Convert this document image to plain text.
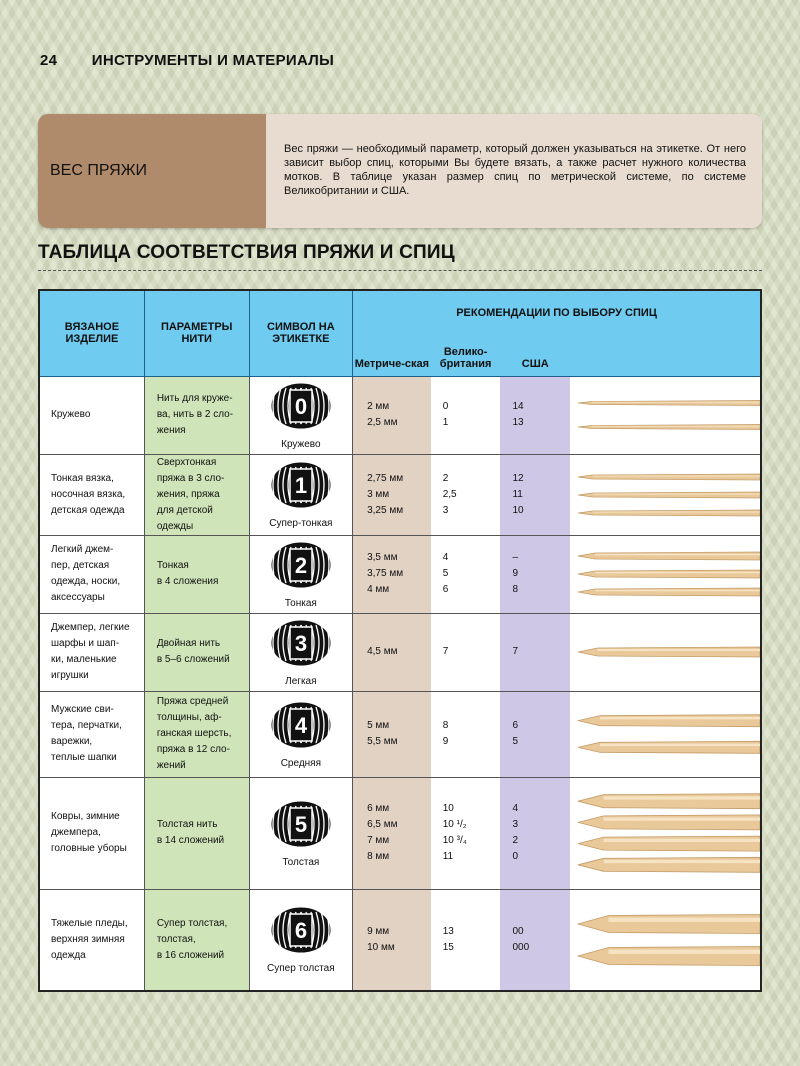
24 ИНСТРУМЕНТЫ И МАТЕРИАЛЫ
ВЕС ПРЯЖИ
Вес пряжи — необходимый параметр, который должен указываться на этикетке. От него зависит выбор спиц, которыми Вы будете вязать, а также расчет нужного количества мотков. В таблице указан размер спиц по метрической системе, по системе Великобритании и США.
ТАБЛИЦА СООТВЕТСТВИЯ ПРЯЖИ И СПИЦ
ВЯЗАНОЕ ИЗДЕЛИЕ	ПАРАМЕТРЫ НИТИ	СИМВОЛ НА ЭТИКЕТКЕ	РЕКОМЕНДАЦИИ ПО ВЫБОРУ СПИЦ			
			Метриче-ская	Велико-британия	США	

Кружево	Нить для круже-
ва, нить в 2 сло-
жения	0
Кружево	2 мм
2,5 мм	0
1	14
13

Тонкая вязка,
носочная вязка,
детская одежда	Сверхтонкая
пряжа в 3 сло-
жения, пряжа
для детской
одежды	1
Супер-тонкая	2,75 мм
3 мм
3,25 мм	2
2,5
3	12
11
10

Легкий джем-
пер, детская
одежда, носки,
аксессуары	Тонкая
в 4 сложения	2
Тонкая	3,5 мм
3,75 мм
4 мм	4
5
6	–
9
8

Джемпер, легкие
шарфы и шап-
ки, маленькие
игрушки	Двойная нить
в 5–6 сложений	3
Легкая	4,5 мм	7	7

Мужские сви-
тера, перчатки,
варежки,
теплые шапки	Пряжа средней
толщины, аф-
ганская шерсть,
пряжа в 12 сло-
жений	4
Средняя	5 мм
5,5 мм	8
9	6
5

Ковры, зимние
джемпера,
головные уборы	Толстая нить
в 14 сложений	5
Толстая	6 мм
6,5 мм
7 мм
8 мм	10
10 ¹/₂
10 ³/₄
11	4
3
2
0

Тяжелые пледы,
верхняя зимняя
одежда	Супер толстая,
толстая,
в 16 сложений	6
Супер толстая	9 мм
10 мм	13
15	00
000
